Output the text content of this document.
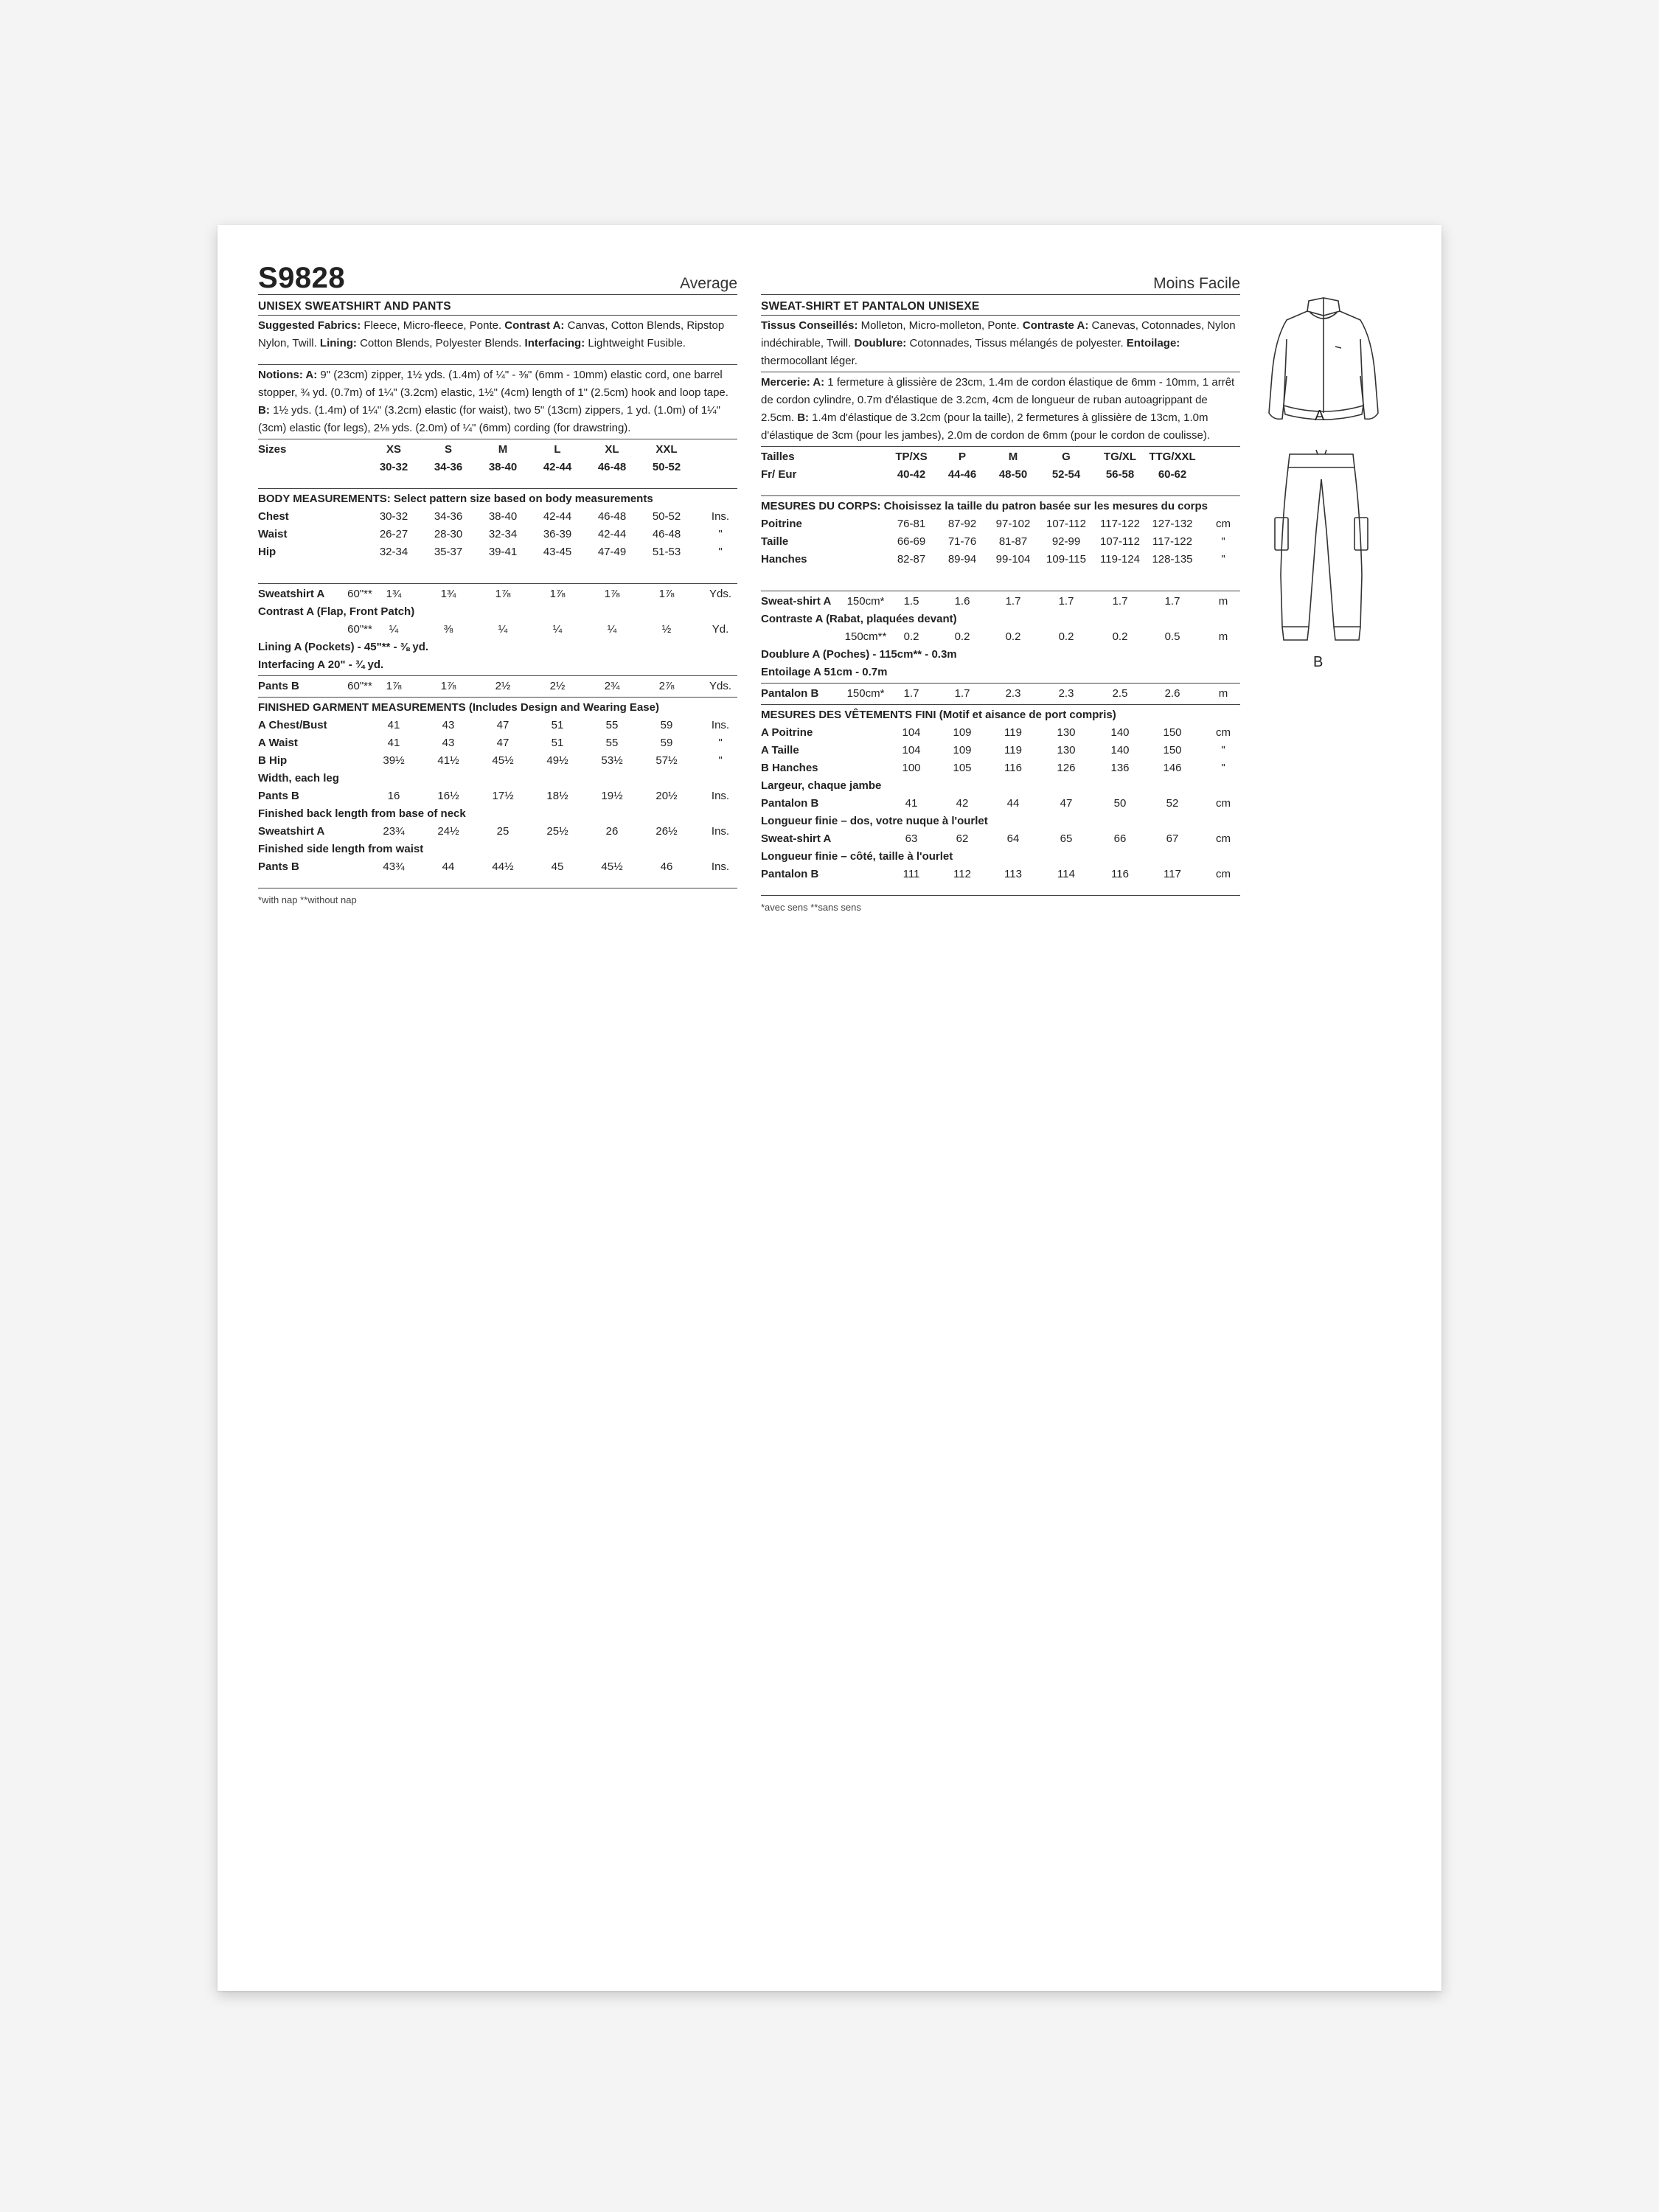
S9828	Average
UNISEX SWEATSHIRT AND PANTS
Suggested Fabrics: Fleece, Micro-fleece, Ponte. Contrast A: Canvas, Cotton Blends, Ripstop Nylon, Twill. Lining: Cotton Blends, Polyester Blends. Interfacing: Lightweight Fusible.
Notions: A: 9" (23cm) zipper, 1½ yds. (1.4m) of ¼" - ⅜" (6mm - 10mm) elastic cord, one barrel stopper, ¾ yd. (0.7m) of 1¼" (3.2cm) elastic, 1½" (4cm) length of 1" (2.5cm) hook and loop tape. B: 1½ yds. (1.4m) of 1¼" (3.2cm) elastic (for waist), two 5" (13cm) zippers, 1 yd. (1.0m) of 1¼" (3cm) elastic (for legs), 2⅛ yds. (2.0m) of ¼" (6mm) cording (for drawstring).
Sizes	XS	S	M	L	XL	XXL
30-32	34-36	38-40	42-44	46-48	50-52
BODY MEASUREMENTS: Select pattern size based on body measurements
Chest	30-32	34-36	38-40	42-44	46-48	50-52	Ins.
Waist	26-27	28-30	32-34	36-39	42-44	46-48	"
Hip	32-34	35-37	39-41	43-45	47-49	51-53	"
Sweatshirt A	60"**	1¾	1¾	1⅞	1⅞	1⅞	1⅞	Yds.
Contrast A (Flap, Front Patch)
60"**	¼	⅜	¼	¼	¼	½	Yd.
Lining A (Pockets) - 45"** - ⅜ yd.
Interfacing A 20" - ¾ yd.
Pants B	60"**	1⅞	1⅞	2½	2½	2¾	2⅞	Yds.
FINISHED GARMENT MEASUREMENTS (Includes Design and Wearing Ease)
A Chest/Bust	41	43	47	51	55	59	Ins.
A Waist	41	43	47	51	55	59	"
B Hip	39½	41½	45½	49½	53½	57½	"
Width, each leg
Pants B	16	16½	17½	18½	19½	20½	Ins.
Finished back length from base of neck
Sweatshirt A	23¾	24½	25	25½	26	26½	Ins.
Finished side length from waist
Pants B	43¾	44	44½	45	45½	46	Ins.
*with nap **without nap
Moins Facile
SWEAT-SHIRT ET PANTALON UNISEXE
Tissus Conseillés: Molleton, Micro-molleton, Ponte. Contraste A: Canevas, Cotonnades, Nylon indéchirable, Twill. Doublure: Cotonnades, Tissus mélangés de polyester. Entoilage: thermocollant léger.
Mercerie: A: 1 fermeture à glissière de 23cm, 1.4m de cordon élastique de 6mm - 10mm, 1 arrêt de cordon cylindre, 0.7m d'élastique de 3.2cm, 4cm de longueur de ruban autoagrippant de 2.5cm. B: 1.4m d'élastique de 3.2cm (pour la taille), 2 fermetures à glissière de 13cm, 1.0m d'élastique de 3cm (pour les jambes), 2.0m de cordon de 6mm (pour le cordon de coulisse).
Tailles	TP/XS	P	M	G	TG/XL	TTG/XXL
Fr/ Eur	40-42	44-46	48-50	52-54	56-58	60-62
MESURES DU CORPS: Choisissez la taille du patron basée sur les mesures du corps
Poitrine	76-81	87-92	97-102	107-112	117-122	127-132	cm
Taille	66-69	71-76	81-87	92-99	107-112	117-122	"
Hanches	82-87	89-94	99-104	109-115	119-124	128-135	"
Sweat-shirt A	150cm*	1.5	1.6	1.7	1.7	1.7	1.7	m
Contraste A (Rabat, plaquées devant)
150cm**	0.2	0.2	0.2	0.2	0.2	0.5	m
Doublure A (Poches) - 115cm** - 0.3m
Entoilage A 51cm - 0.7m
Pantalon B	150cm*	1.7	1.7	2.3	2.3	2.5	2.6	m
MESURES DES VÊTEMENTS FINI (Motif et aisance de port compris)
A Poitrine	104	109	119	130	140	150	cm
A Taille	104	109	119	130	140	150	"
B Hanches	100	105	116	126	136	146	"
Largeur, chaque jambe
Pantalon B	41	42	44	47	50	52	cm
Longueur finie – dos, votre nuque à l'ourlet
Sweat-shirt A	63	62	64	65	66	67	cm
Longueur finie – côté, taille à l'ourlet
Pantalon B	111	112	113	114	116	117	cm
*avec sens **sans sens
A
B
